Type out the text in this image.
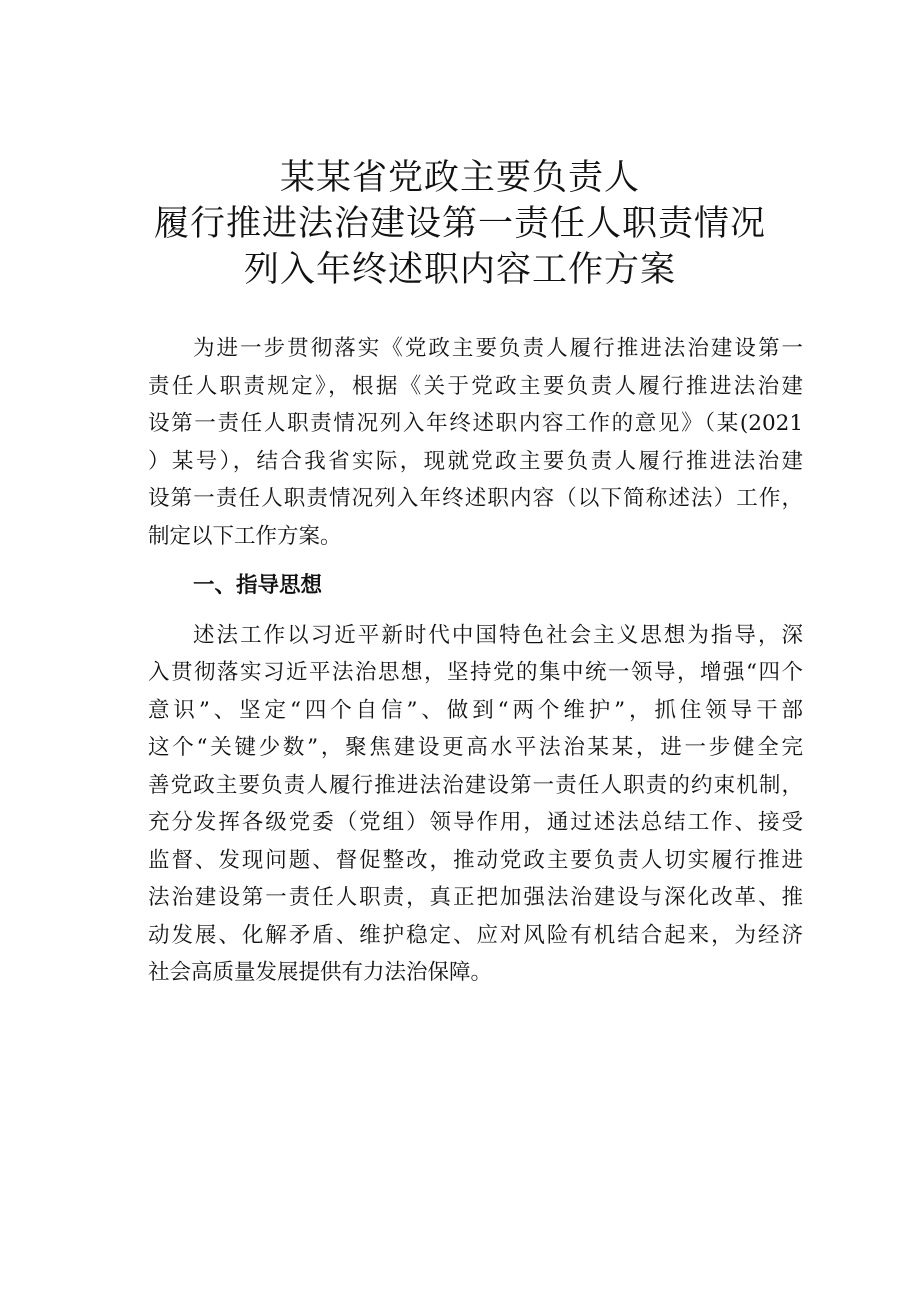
某某省党政主要负责人
履行推进法治建设第一责任人职责情况
列入年终述职内容工作方案
为进一步贯彻落实《党政主要负责人履行推进法治建设第一
责任人职责规定》，根据《关于党政主要负责人履行推进法治建
设第一责任人职责情况列入年终述职内容工作的意见》（某(2021
）某号），结合我省实际，现就党政主要负责人履行推进法治建
设第一责任人职责情况列入年终述职内容（以下简称述法）工作，
制定以下工作方案。
一、指导思想
述法工作以习近平新时代中国特色社会主义思想为指导，深
入贯彻落实习近平法治思想，坚持党的集中统一领导，增强“四个
意识”、坚定“四个自信”、做到“两个维护”，抓住领导干部
这个“关键少数”，聚焦建设更高水平法治某某，进一步健全完
善党政主要负责人履行推进法治建设第一责任人职责的约束机制，
充分发挥各级党委（党组）领导作用，通过述法总结工作、接受
监督、发现问题、督促整改，推动党政主要负责人切实履行推进
法治建设第一责任人职责，真正把加强法治建设与深化改革、推
动发展、化解矛盾、维护稳定、应对风险有机结合起来，为经济
社会高质量发展提供有力法治保障。
